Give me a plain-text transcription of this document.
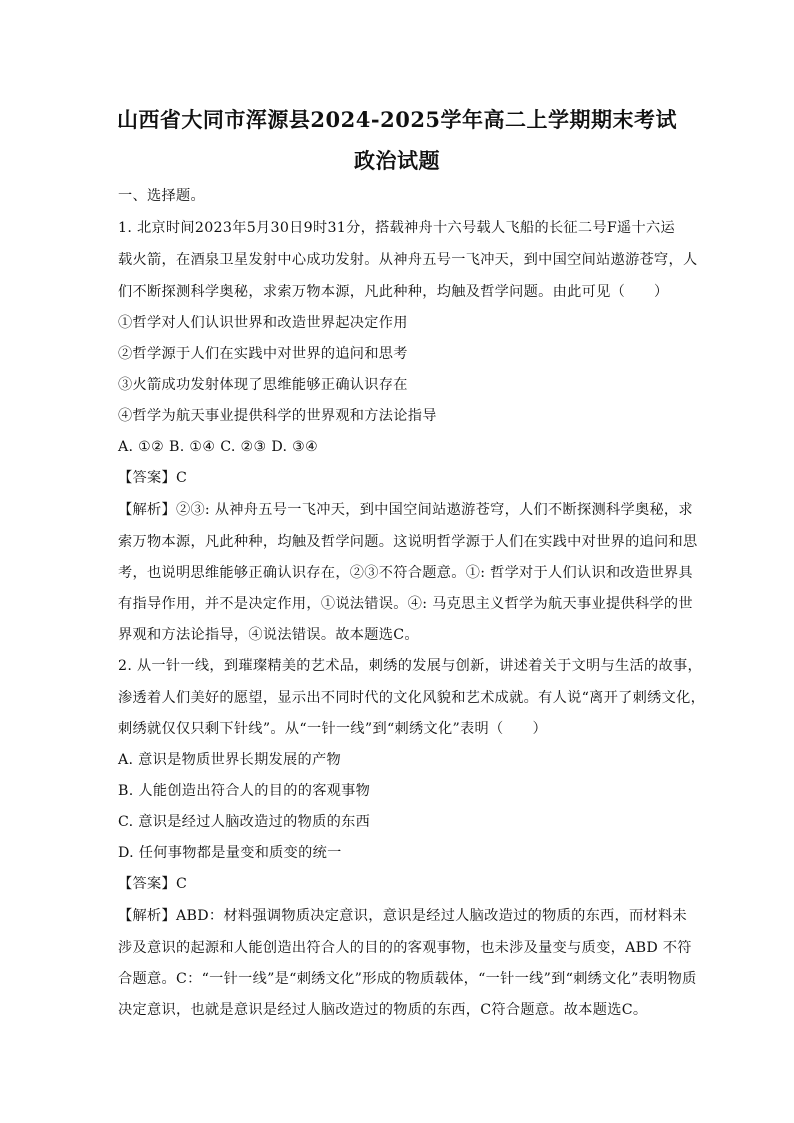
山西省大同市浑源县2024-2025学年高二上学期期末考试
政治试题
一、选择题。
1. 北京时间2023年5月30日9时31分，搭载神舟十六号载人飞船的长征二号F遥十六运
载火箭，在酒泉卫星发射中心成功发射。从神舟五号一飞冲天，到中国空间站遨游苍穹，人
们不断探测科学奥秘，求索万物本源，凡此种种，均触及哲学问题。由此可见（　　）
①哲学对人们认识世界和改造世界起决定作用
②哲学源于人们在实践中对世界的追问和思考
③火箭成功发射体现了思维能够正确认识存在
④哲学为航天事业提供科学的世界观和方法论指导
A. ①② B. ①④ C. ②③ D. ③④
【答案】C
【解析】②③: 从神舟五号一飞冲天，到中国空间站遨游苍穹，人们不断探测科学奥秘，求
索万物本源，凡此种种，均触及哲学问题。这说明哲学源于人们在实践中对世界的追问和思
考，也说明思维能够正确认识存在，②③不符合题意。①: 哲学对于人们认识和改造世界具
有指导作用，并不是决定作用，①说法错误。④: 马克思主义哲学为航天事业提供科学的世
界观和方法论指导，④说法错误。故本题选C。
2. 从一针一线，到璀璨精美的艺术品，刺绣的发展与创新，讲述着关于文明与生活的故事，
渗透着人们美好的愿望，显示出不同时代的文化风貌和艺术成就。有人说“离开了刺绣文化，
刺绣就仅仅只剩下针线”。从“一针一线”到“刺绣文化”表明（　　）
A. 意识是物质世界长期发展的产物
B. 人能创造出符合人的目的的客观事物
C. 意识是经过人脑改造过的物质的东西
D. 任何事物都是量变和质变的统一
【答案】C
【解析】ABD：材料强调物质决定意识，意识是经过人脑改造过的物质的东西，而材料未
涉及意识的起源和人能创造出符合人的目的的客观事物，也未涉及量变与质变，ABD 不符
合题意。C：“一针一线”是“刺绣文化”形成的物质载体，“一针一线”到“刺绣文化”表明物质
决定意识，也就是意识是经过人脑改造过的物质的东西，C符合题意。故本题选C。
